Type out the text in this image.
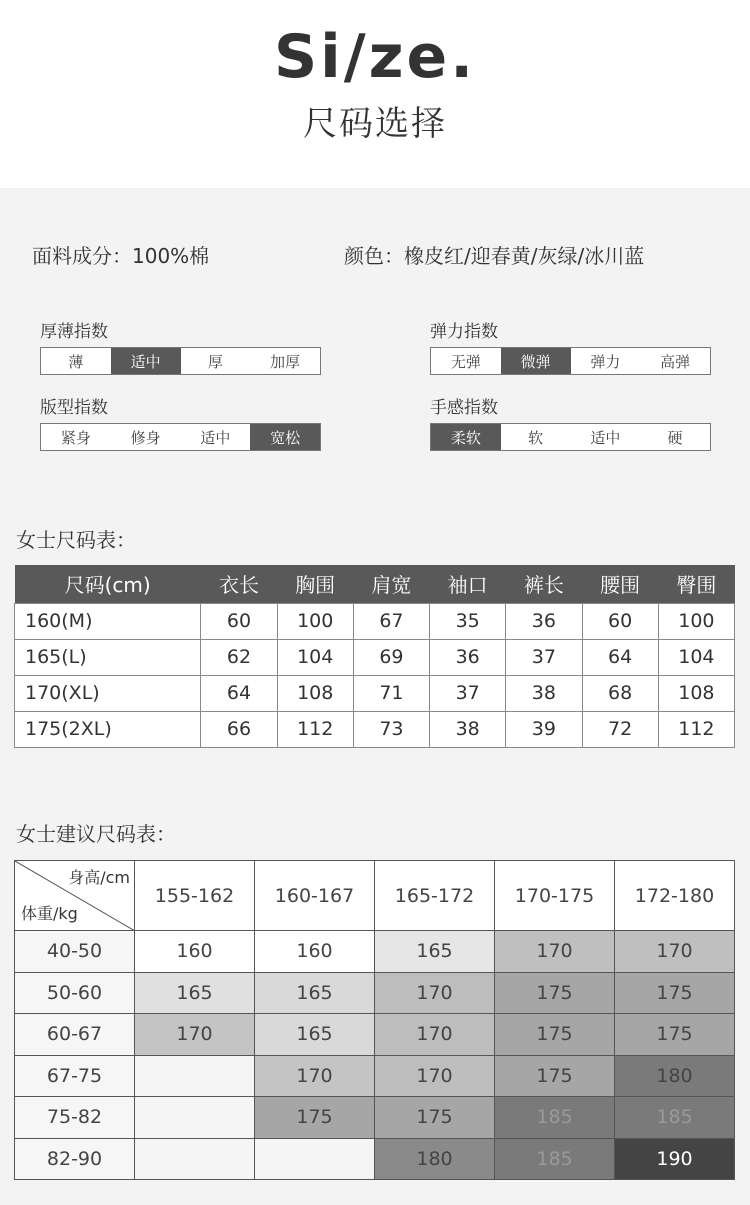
Si/ze.
尺码选择
面料成分：100%棉	颜色：橡皮红/迎春黄/灰绿/冰川蓝
厚薄指数
薄	适中	厚	加厚
弹力指数
无弹	微弹	弹力	高弹
版型指数
紧身	修身	适中	宽松
手感指数
柔软	软	适中	硬
女士尺码表：
尺码(cm)	衣长	胸围	肩宽	袖口	裤长	腰围	臀围
160(M)	60	100	67	35	36	60	100
165(L)	62	104	69	36	37	64	104
170(XL)	64	108	71	37	38	68	108
175(2XL)	66	112	73	38	39	72	112
女士建议尺码表：
身高/cm
体重/kg	155-162	160-167	165-172	170-175	172-180
40-50	160	160	165	170	170
50-60	165	165	170	175	175
60-67	170	165	170	175	175
67-75		170	170	175	180
75-82		175	175	185	185
82-90			180	185	190
